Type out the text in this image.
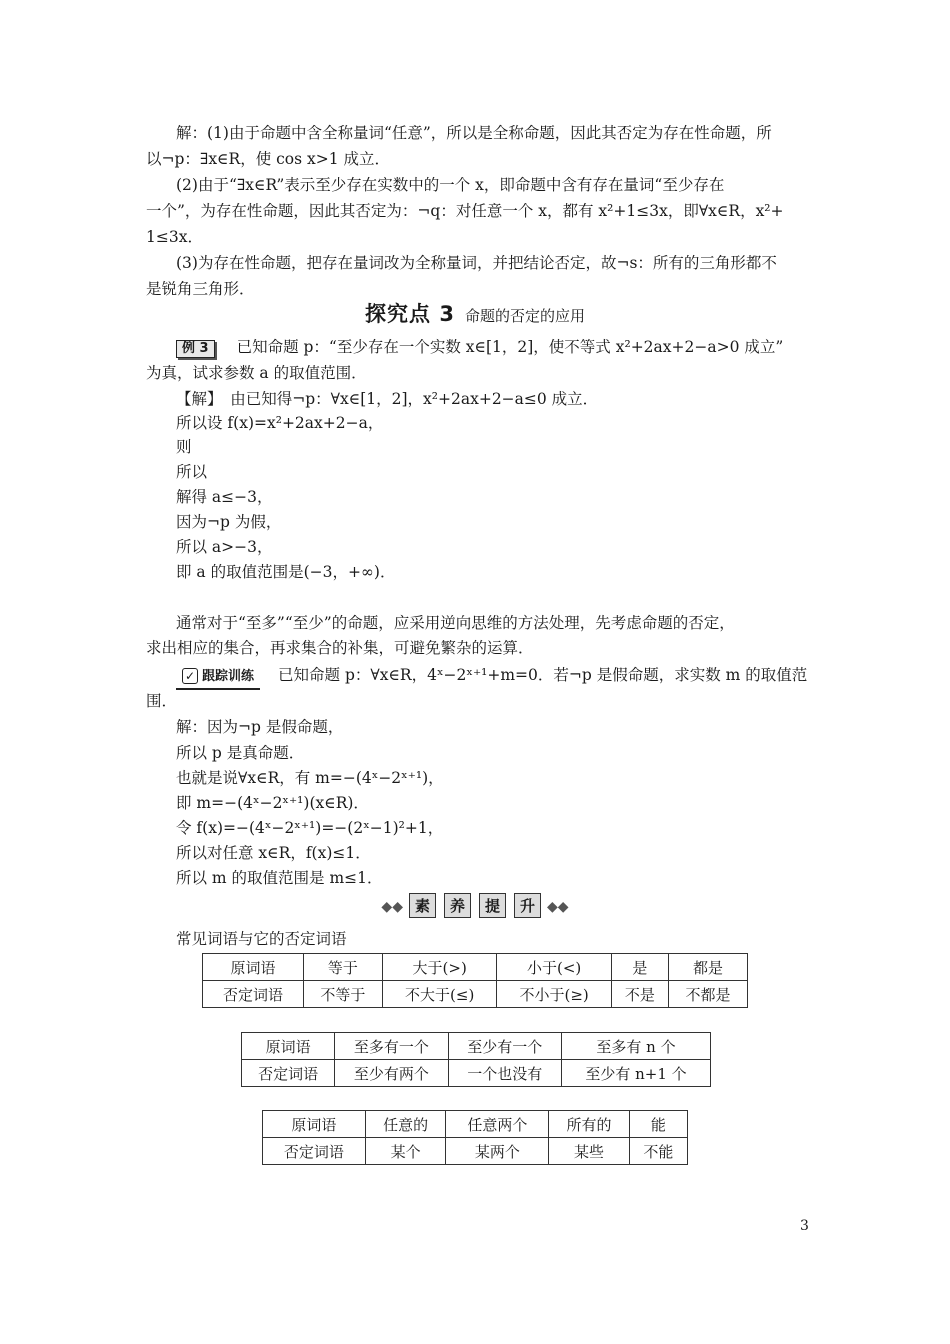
解：(1)由于命题中含全称量词“任意”，所以是全称命题，因此其否定为存在性命题，所
以¬p：∃x∈R，使 cos x>1 成立．
(2)由于“∃x∈R”表示至少存在实数中的一个 x，即命题中含有存在量词“至少存在
一个”，为存在性命题，因此其否定为：¬q：对任意一个 x，都有 x²+1≤3x，即∀x∈R，x²+
1≤3x．
(3)为存在性命题，把存在量词改为全称量词，并把结论否定，故¬s：所有的三角形都不
是锐角三角形．
为真，试求参数 a 的取值范围．
【解】　由已知得¬p：∀x∈[1，2]，x²+2ax+2−a≤0 成立．
所以设 f(x)=x²+2ax+2−a，
则
所以
解得 a≤−3，
因为¬p 为假，
所以 a>−3，
即 a 的取值范围是(−3，+∞)．
通常对于“至多”“至少”的命题，应采用逆向思维的方法处理，先考虑命题的否定，
求出相应的集合，再求集合的补集，可避免繁杂的运算．
围．
解：因为¬p 是假命题，
所以 p 是真命题．
也就是说∀x∈R，有 m=−(4ˣ−2ˣ⁺¹)，
即 m=−(4ˣ−2ˣ⁺¹)(x∈R)．
令 f(x)=−(4ˣ−2ˣ⁺¹)=−(2ˣ−1)²+1，
所以对任意 x∈R，f(x)≤1．
所以 m 的取值范围是 m≤1．
常见词语与它的否定词语
探究点 3 命题的否定的应用
例 3 已知命题 p：“至少存在一个实数 x∈[1，2]，使不等式 x²+2ax+2−a>0 成立”
✓ 跟踪训练 已知命题 p：∀x∈R，4ˣ−2ˣ⁺¹+m=0．若¬p 是假命题，求实数 m 的取值范
◆◆ 素 养 提 升 ◆◆
原词语	等于	大于(>)	小于(<)	是	都是
否定词语	不等于	不大于(≤)	不小于(≥)	不是	不都是
原词语	至多有一个	至少有一个	至多有 n 个
否定词语	至少有两个	一个也没有	至少有 n+1 个
原词语	任意的	任意两个	所有的	能
否定词语	某个	某两个	某些	不能
3
